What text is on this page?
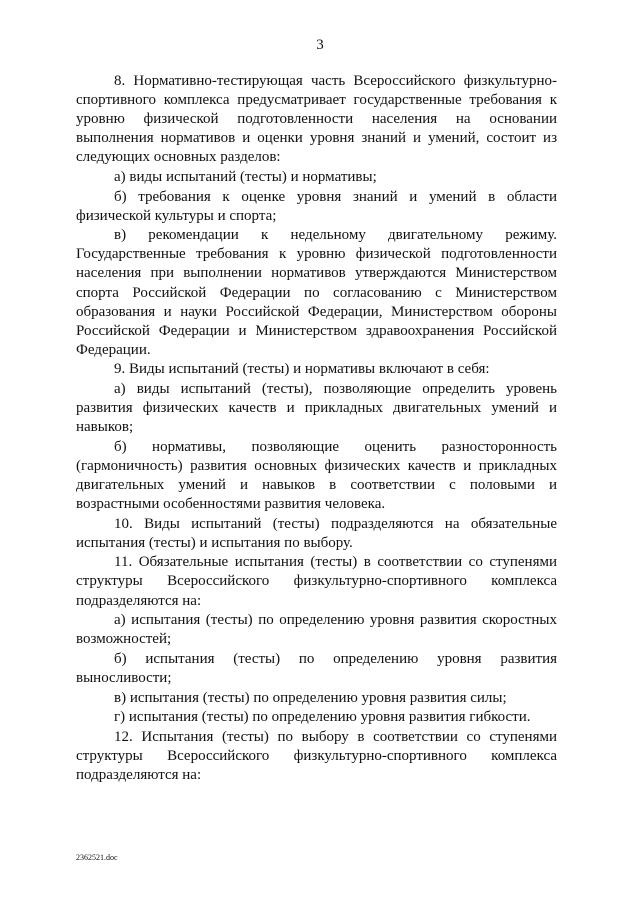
3

8. Нормативно-тестирующая часть Всероссийского физкультурно-спортивного комплекса предусматривает государственные требования к уровню физической подготовленности населения на основании выполнения нормативов и оценки уровня знаний и умений, состоит из следующих основных разделов:

а) виды испытаний (тесты) и нормативы;

б) требования к оценке уровня знаний и умений в области физической культуры и спорта;

в) рекомендации к недельному двигательному режиму. Государственные требования к уровню физической подготовленности населения при выполнении нормативов утверждаются Министерством спорта Российской Федерации по согласованию с Министерством образования и науки Российской Федерации, Министерством обороны Российской Федерации и Министерством здравоохранения Российской Федерации.

9. Виды испытаний (тесты) и нормативы включают в себя:

а) виды испытаний (тесты), позволяющие определить уровень развития физических качеств и прикладных двигательных умений и навыков;

б) нормативы, позволяющие оценить разносторонность (гармоничность) развития основных физических качеств и прикладных двигательных умений и навыков в соответствии с половыми и возрастными особенностями развития человека.

10. Виды испытаний (тесты) подразделяются на обязательные испытания (тесты) и испытания по выбору.

11. Обязательные испытания (тесты) в соответствии со ступенями структуры Всероссийского физкультурно-спортивного комплекса подразделяются на:

а) испытания (тесты) по определению уровня развития скоростных возможностей;

б) испытания (тесты) по определению уровня развития выносливости;

в) испытания (тесты) по определению уровня развития силы;

г) испытания (тесты) по определению уровня развития гибкости.

12. Испытания (тесты) по выбору в соответствии со ступенями структуры Всероссийского физкультурно-спортивного комплекса подразделяются на:

2362521.doc
